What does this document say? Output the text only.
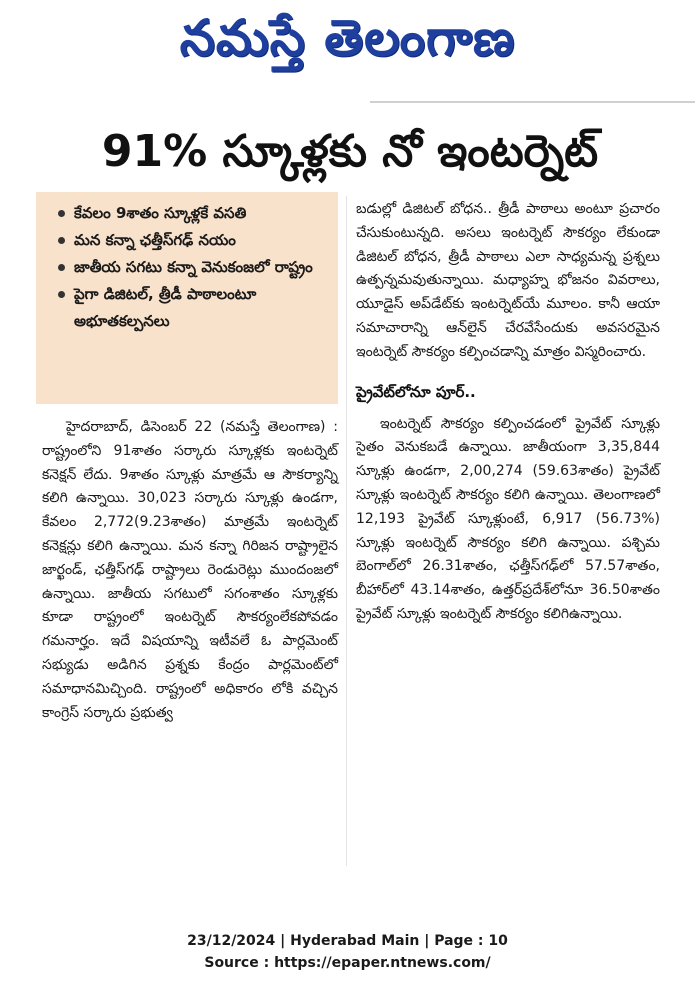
నమస్తే తెలంగాణ
91% స్కూళ్లకు నో ఇంటర్నెట్
కేవలం 9శాతం స్కూళ్లకే వసతి
మన కన్నా ఛత్తీస్‌గఢ్ నయం
జాతీయ సగటు కన్నా వెనుకంజలో రాష్ట్రం
పైగా డిజిటల్, త్రీడీ పాఠాలంటూ అభూతకల్పనలు

హైదరాబాద్, డిసెంబర్ 22 (నమస్తే తెలంగాణ) : రాష్ట్రంలోని 91శాతం సర్కారు స్కూళ్లకు ఇంటర్నెట్ కనెక్షన్ లేదు. 9శాతం స్కూళ్లు మాత్రమే ఆ సౌకర్యాన్ని కలిగి ఉన్నాయి. 30,023 సర్కారు స్కూళ్లు ఉండగా, కేవలం 2,772(9.23శాతం) మాత్రమే ఇంటర్నెట్ కనెక్షన్లు కలిగి ఉన్నాయి. మన కన్నా గిరిజన రాష్ట్రాలైన జార్ఖండ్, ఛత్తీస్‌గఢ్ రాష్ట్రాలు రెండురెట్లు ముందంజలో ఉన్నాయి. జాతీయ సగటులో సగంశాతం స్కూళ్లకు కూడా రాష్ట్రంలో ఇంటర్నెట్ సౌకర్యంలేకపోవడం గమనార్హం. ఇదే విషయాన్ని ఇటీవలే ఓ పార్లమెంట్ సభ్యుడు అడిగిన ప్రశ్నకు కేంద్రం పార్లమెంట్‌లో సమాధానమిచ్చింది. రాష్ట్రంలో అధికారం లోకి వచ్చిన కాంగ్రెస్ సర్కారు ప్రభుత్వ

బడుల్లో డిజిటల్ బోధన.. త్రీడీ పాఠాలు అంటూ ప్రచారం చేసుకుంటున్నది. అసలు ఇంటర్నెట్ సౌకర్యం లేకుండా డిజిటల్ బోధన, త్రీడీ పాఠాలు ఎలా సాధ్యమన్న ప్రశ్నలు ఉత్పన్నమవుతున్నాయి. మధ్యాహ్న భోజనం వివరాలు, యూడైస్ అప్‌డేట్‌కు ఇంటర్నెట్‌యే మూలం. కానీ ఆయా సమాచారాన్ని ఆన్‌లైన్ చేరవేసేందుకు అవసరమైన ఇంటర్నెట్ సౌకర్యం కల్పించడాన్ని మాత్రం విస్మరించారు.

ప్రైవేట్‌లోనూ పూర్..

ఇంటర్నెట్ సౌకర్యం కల్పించడంలో ప్రైవేట్ స్కూళ్లు సైతం వెనుకబడే ఉన్నాయి. జాతీయంగా 3,35,844 స్కూళ్లు ఉండగా, 2,00,274 (59.63శాతం) ప్రైవేట్ స్కూళ్లు ఇంటర్నెట్ సౌకర్యం కలిగి ఉన్నాయి. తెలంగాణలో 12,193 ప్రైవేట్ స్కూళ్లుంటే, 6,917 (56.73%) స్కూళ్లు ఇంటర్నెట్ సౌకర్యం కలిగి ఉన్నాయి. పశ్చిమ బెంగాల్‌లో 26.31శాతం, ఛత్తీస్‌గఢ్‌లో 57.57శాతం, బీహార్‌లో 43.14శాతం, ఉత్తర్‌ప్రదేశ్‌లోనూ 36.50శాతం ప్రైవేట్ స్కూళ్లు ఇంటర్నెట్ సౌకర్యం కలిగిఉన్నాయి.

23/12/2024 | Hyderabad Main | Page : 10
Source : https://epaper.ntnews.com/
